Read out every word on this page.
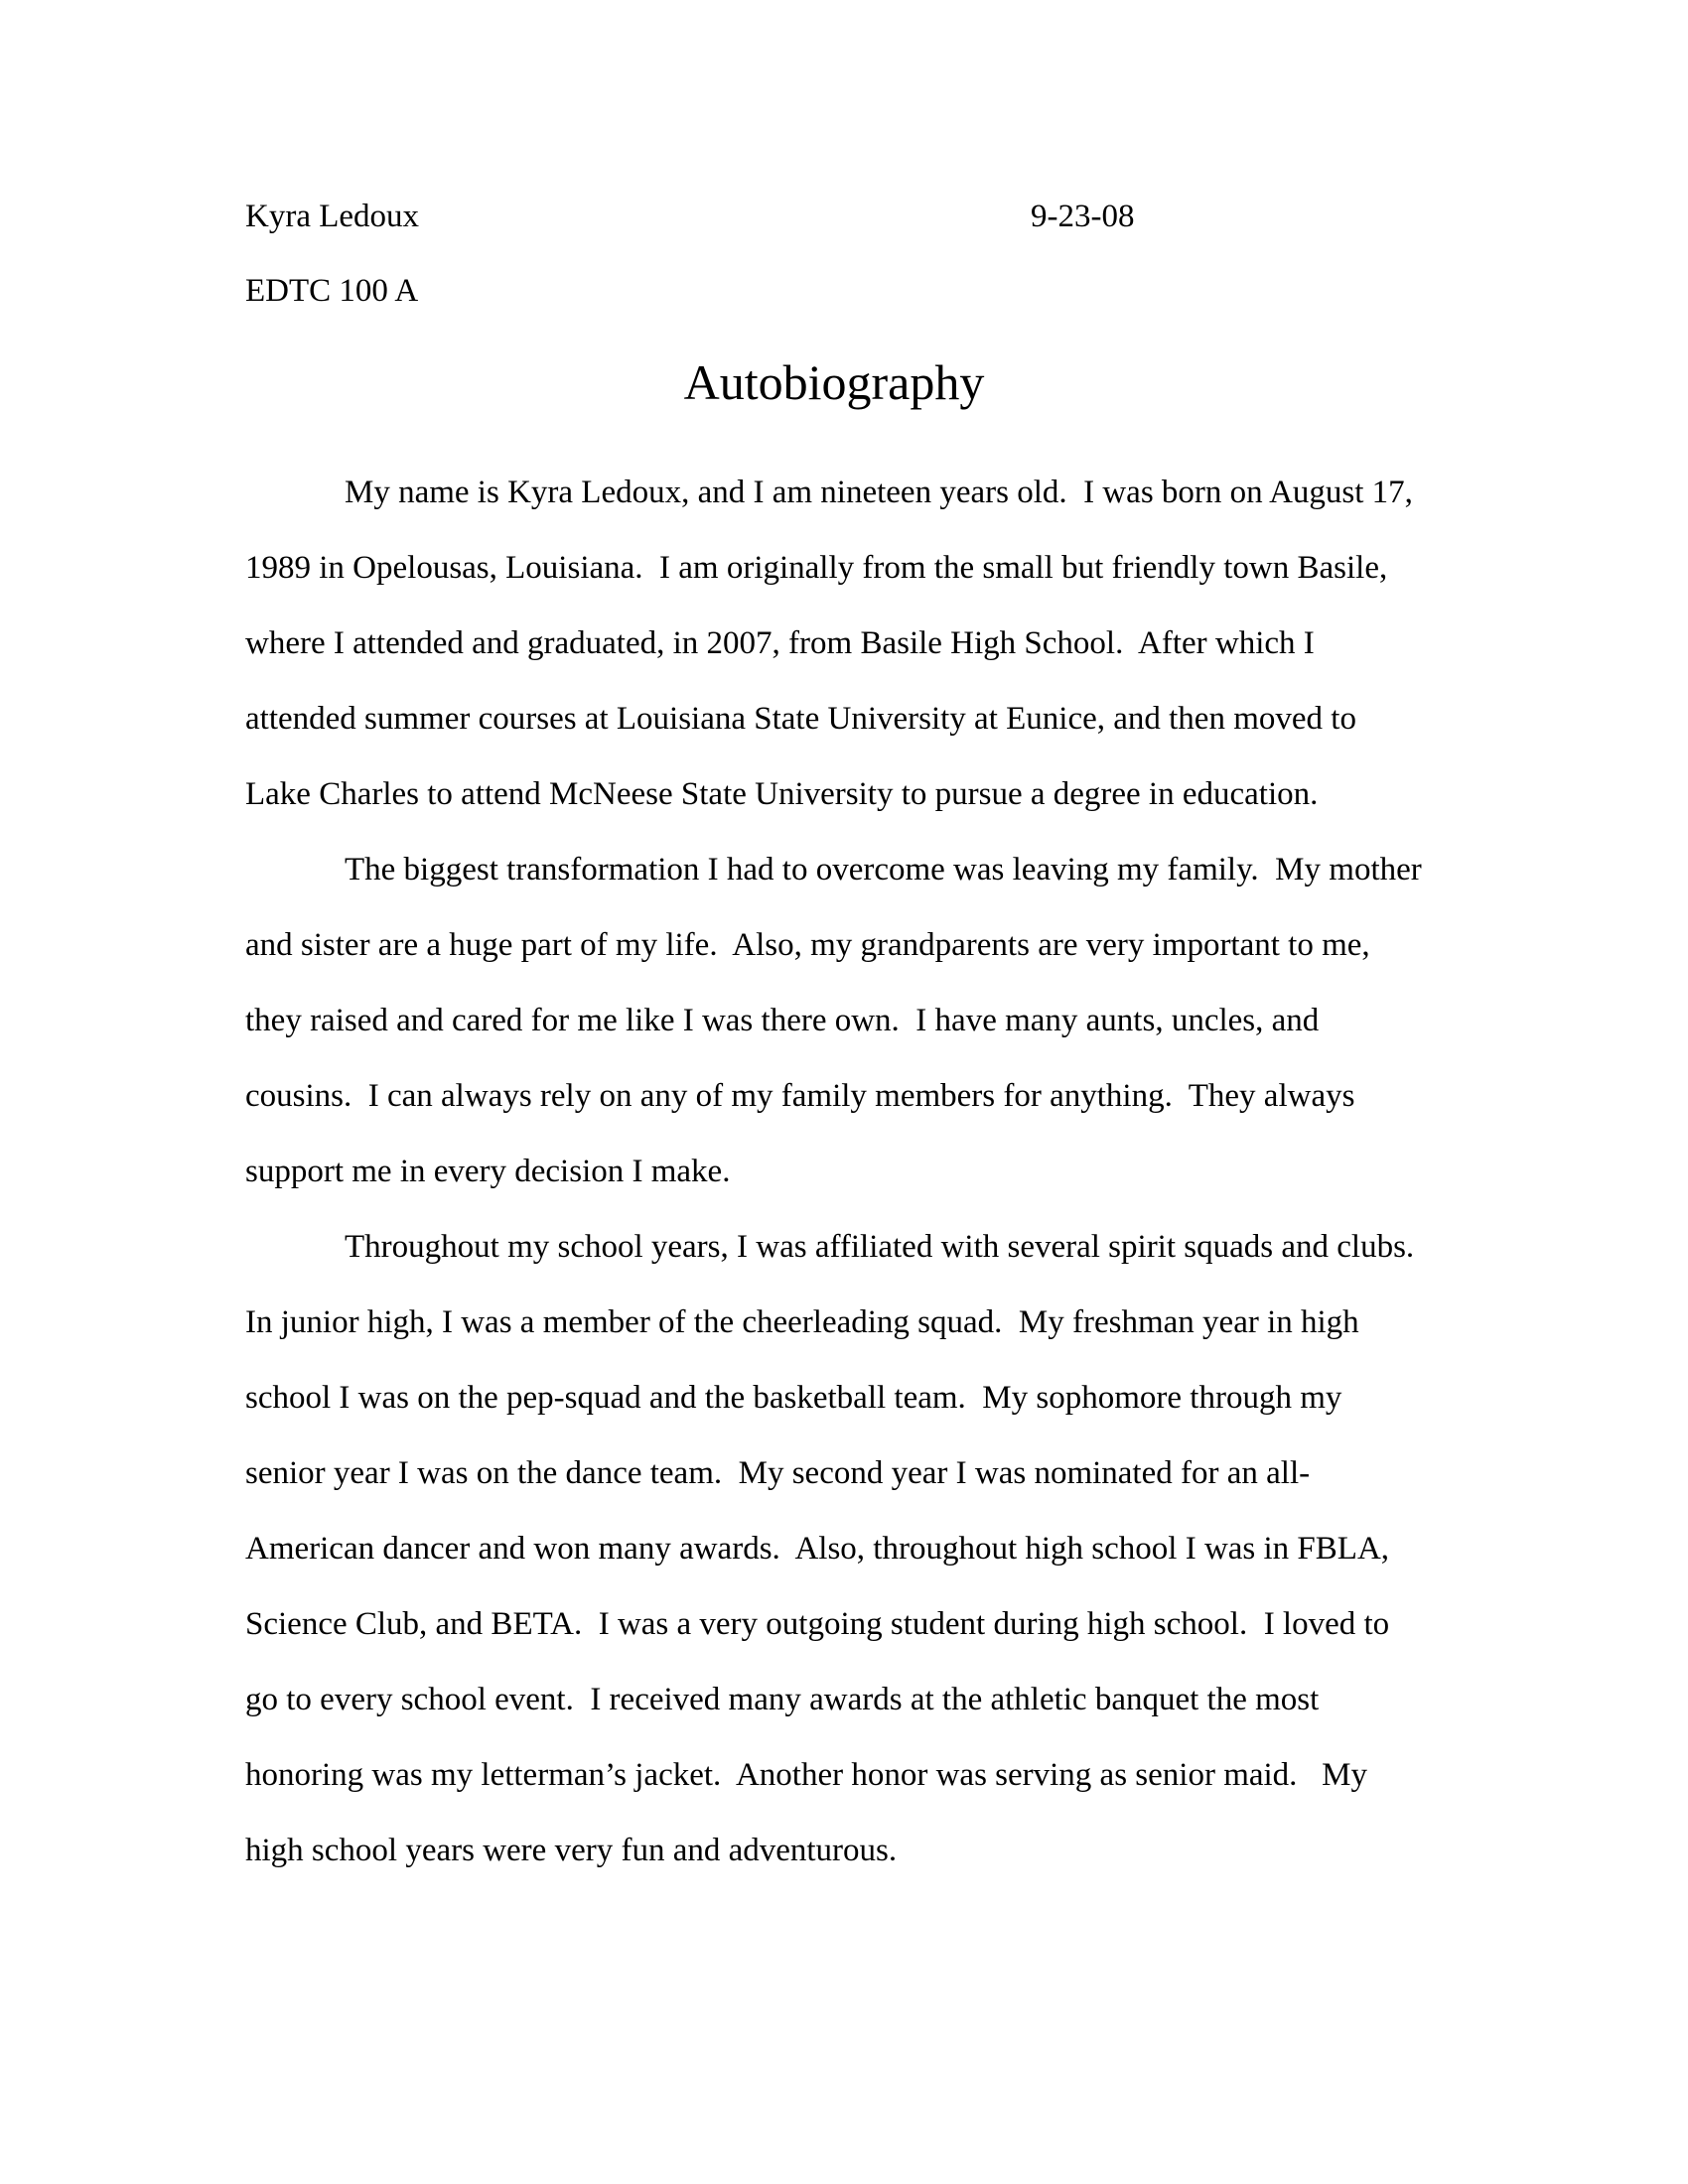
Kyra Ledoux	9-23-08
EDTC 100 A
Autobiography
My name is Kyra Ledoux, and I am nineteen years old.  I was born on August 17,
1989 in Opelousas, Louisiana.  I am originally from the small but friendly town Basile,
where I attended and graduated, in 2007, from Basile High School.  After which I
attended summer courses at Louisiana State University at Eunice, and then moved to
Lake Charles to attend McNeese State University to pursue a degree in education.
The biggest transformation I had to overcome was leaving my family.  My mother
and sister are a huge part of my life.  Also, my grandparents are very important to me,
they raised and cared for me like I was there own.  I have many aunts, uncles, and
cousins.  I can always rely on any of my family members for anything.  They always
support me in every decision I make.
Throughout my school years, I was affiliated with several spirit squads and clubs.
In junior high, I was a member of the cheerleading squad.  My freshman year in high
school I was on the pep-squad and the basketball team.  My sophomore through my
senior year I was on the dance team.  My second year I was nominated for an all-
American dancer and won many awards.  Also, throughout high school I was in FBLA,
Science Club, and BETA.  I was a very outgoing student during high school.  I loved to
go to every school event.  I received many awards at the athletic banquet the most
honoring was my letterman’s jacket.  Another honor was serving as senior maid.   My
high school years were very fun and adventurous.
